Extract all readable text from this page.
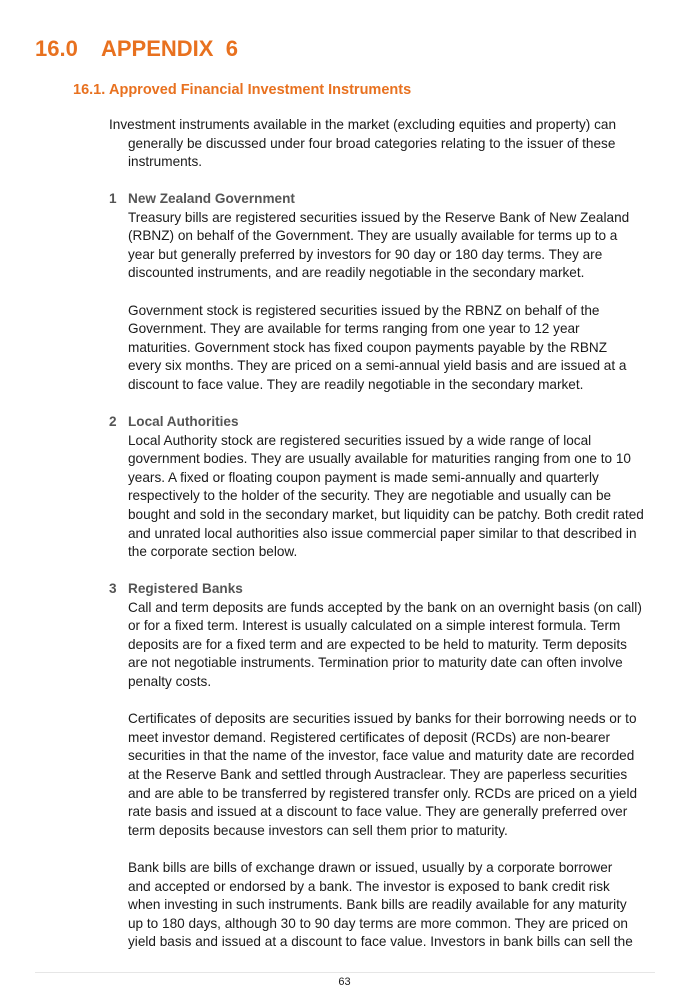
16.0 APPENDIX  6
16.1. Approved Financial Investment Instruments
Investment instruments available in the market (excluding equities and property) can
generally be discussed under four broad categories relating to the issuer of these
instruments.
1 New Zealand Government
Treasury bills are registered securities issued by the Reserve Bank of New Zealand
(RBNZ) on behalf of the Government. They are usually available for terms up to a
year but generally preferred by investors for 90 day or 180 day terms. They are
discounted instruments, and are readily negotiable in the secondary market.
Government stock is registered securities issued by the RBNZ on behalf of the
Government. They are available for terms ranging from one year to 12 year
maturities. Government stock has fixed coupon payments payable by the RBNZ
every six months. They are priced on a semi-annual yield basis and are issued at a
discount to face value. They are readily negotiable in the secondary market.
2 Local Authorities
Local Authority stock are registered securities issued by a wide range of local
government bodies. They are usually available for maturities ranging from one to 10
years. A fixed or floating coupon payment is made semi-annually and quarterly
respectively to the holder of the security. They are negotiable and usually can be
bought and sold in the secondary market, but liquidity can be patchy. Both credit rated
and unrated local authorities also issue commercial paper similar to that described in
the corporate section below.
3 Registered Banks
Call and term deposits are funds accepted by the bank on an overnight basis (on call)
or for a fixed term. Interest is usually calculated on a simple interest formula. Term
deposits are for a fixed term and are expected to be held to maturity. Term deposits
are not negotiable instruments. Termination prior to maturity date can often involve
penalty costs.
Certificates of deposits are securities issued by banks for their borrowing needs or to
meet investor demand. Registered certificates of deposit (RCDs) are non-bearer
securities in that the name of the investor, face value and maturity date are recorded
at the Reserve Bank and settled through Austraclear. They are paperless securities
and are able to be transferred by registered transfer only. RCDs are priced on a yield
rate basis and issued at a discount to face value. They are generally preferred over
term deposits because investors can sell them prior to maturity.
Bank bills are bills of exchange drawn or issued, usually by a corporate borrower
and accepted or endorsed by a bank. The investor is exposed to bank credit risk
when investing in such instruments. Bank bills are readily available for any maturity
up to 180 days, although 30 to 90 day terms are more common. They are priced on
yield basis and issued at a discount to face value. Investors in bank bills can sell the
63
